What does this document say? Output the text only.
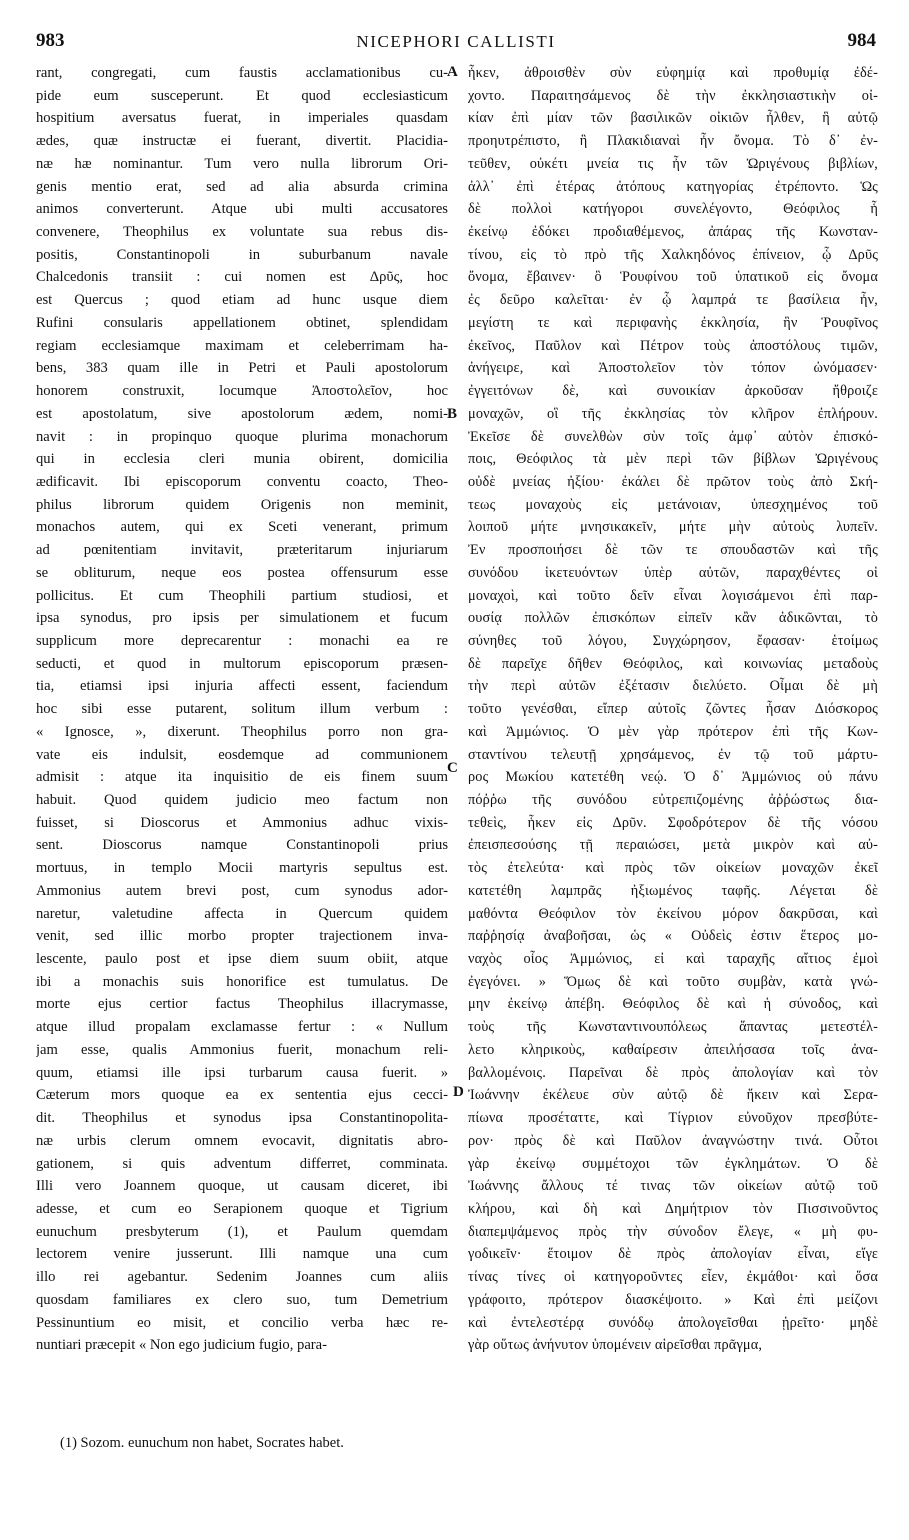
983	NICEPHORI CALLISTI	984
rant, congregati, cum faustis acclamationibus cu-
pide eum susceperunt. Et quod ecclesiasticum
hospitium aversatus fuerat, in imperiales quasdam
ædes, quæ instructæ ei fuerant, divertit. Placidia-
næ hæ nominantur. Tum vero nulla librorum Ori-
genis mentio erat, sed ad alia absurda crimina
animos converterunt. Atque ubi multi accusatores
convenere, Theophilus ex voluntate sua rebus dis-
positis, Constantinopoli in suburbanum navale
Chalcedonis transiit : cui nomen est Δρῦς, hoc
est Quercus ; quod etiam ad hunc usque diem
Rufini consularis appellationem obtinet, splendidam
regiam ecclesiamque maximam et celeberrimam ha-
bens, 383 quam ille in Petri et Pauli apostolorum
honorem construxit, locumque Ἀποστολεῖον, hoc
est apostolatum, sive apostolorum ædem, nomi-
navit : in propinquo quoque plurima monachorum
qui in ecclesia cleri munia obirent, domicilia
ædificavit. Ibi episcoporum conventu coacto, Theo-
philus librorum quidem Origenis non meminit,
monachos autem, qui ex Sceti venerant, primum
ad pœnitentiam invitavit, præteritarum injuriarum
se obliturum, neque eos postea offensurum esse
pollicitus. Et cum Theophili partium studiosi, et
ipsa synodus, pro ipsis per simulationem et fucum
supplicum more deprecarentur : monachi ea re
seducti, et quod in multorum episcoporum præsen-
tia, etiamsi ipsi injuria affecti essent, faciendum
hoc sibi esse putarent, solitum illum verbum :
« Ignosce, », dixerunt. Theophilus porro non gra-
vate eis indulsit, eosdemque ad communionem
admisit : atque ita inquisitio de eis finem suum
habuit. Quod quidem judicio meo factum non
fuisset, si Dioscorus et Ammonius adhuc vixis-
sent. Dioscorus namque Constantinopoli prius
mortuus, in templo Mocii martyris sepultus est.
Ammonius autem brevi post, cum synodus ador-
naretur, valetudine affecta in Quercum quidem
venit, sed illic morbo propter trajectionem inva-
lescente, paulo post et ipse diem suum obiit, atque
ibi a monachis suis honorifice est tumulatus. De
morte ejus certior factus Theophilus illacrymasse,
atque illud propalam exclamasse fertur : « Nullum
jam esse, qualis Ammonius fuerit, monachum reli-
quum, etiamsi ille ipsi turbarum causa fuerit. »
Cæterum mors quoque ea ex sententia ejus cecci-
dit. Theophilus et synodus ipsa Constantinopolita-
næ urbis clerum omnem evocavit, dignitatis abro-
gationem, si quis adventum differret, comminata.
Illi vero Joannem quoque, ut causam diceret, ibi
adesse, et cum eo Serapionem quoque et Tigrium
eunuchum presbyterum (1), et Paulum quemdam
lectorem venire jusserunt. Illi namque una cum
illo rei agebantur. Sedenim Joannes cum aliis
quosdam familiares ex clero suo, tum Demetrium
Pessinuntium eo misit, et concilio verba hæc re-
nuntiari præcepit « Non ego judicium fugio, para-
ἧκεν, ἀθροισθὲν σὺν εὐφημίᾳ καὶ προθυμίᾳ ἐδέ-
χοντο. Παραιτησάμενος δὲ τὴν ἐκκλησιαστικὴν οἰ-
κίαν ἐπὶ μίαν τῶν βασιλικῶν οἰκιῶν ἦλθεν, ἣ αὐτῷ
προηυτρέπιστο, ἣ Πλακιδιαναὶ ἦν ὄνομα. Τὸ δ᾽ ἐν-
τεῦθεν, οὐκέτι μνεία τις ἦν τῶν Ὠριγένους βιβλίων,
ἀλλ᾽ ἐπὶ ἑτέρας ἀτόπους κατηγορίας ἐτρέποντο. Ὡς
δὲ πολλοὶ κατήγοροι συνελέγοντο, Θεόφιλος ἧ
ἐκείνῳ ἐδόκει προδιαθέμενος, ἀπάρας τῆς Κωνσταν-
τίνου, εἰς τὸ πρὸ τῆς Χαλκηδόνος ἐπίνειον, ᾧ Δρῦς
ὄνομα, ἔβαινεν· ὃ Ῥουφίνου τοῦ ὑπατικοῦ εἰς ὄνομα
ἐς δεῦρο καλεῖται· ἐν ᾧ λαμπρά τε βασίλεια ἦν,
μεγίστη τε καὶ περιφανὴς ἐκκλησία, ἣν Ῥουφῖνος
ἐκεῖνος, Παῦλον καὶ Πέτρον τοὺς ἀποστόλους τιμῶν,
ἀνήγειρε, καὶ Ἀποστολεῖον τὸν τόπον ὠνόμασεν·
ἐγγειτόνων δὲ, καὶ συνοικίαν ἀρκοῦσαν ἤθροιζε
μοναχῶν, οἳ τῆς ἐκκλησίας τὸν κλῆρον ἐπλήρουν.
Ἐκεῖσε δὲ συνελθὼν σὺν τοῖς ἀμφ᾽ αὐτὸν ἐπισκό-
ποις, Θεόφιλος τὰ μὲν περὶ τῶν βίβλων Ὠριγένους
οὐδὲ μνείας ἠξίου· ἐκάλει δὲ πρῶτον τοὺς ἀπὸ Σκή-
τεως μοναχοὺς εἰς μετάνοιαν, ὑπεσχημένος τοῦ
λοιποῦ μήτε μνησικακεῖν, μήτε μὴν αὐτοὺς λυπεῖν.
Ἐν προσποιήσει δὲ τῶν τε σπουδαστῶν καὶ τῆς
συνόδου ἱκετευόντων ὑπὲρ αὐτῶν, παραχθέντες οἱ
μοναχοὶ, καὶ τοῦτο δεῖν εἶναι λογισάμενοι ἐπὶ παρ-
ουσίᾳ πολλῶν ἐπισκόπων εἰπεῖν κἂν ἀδικῶνται, τὸ
σύνηθες τοῦ λόγου, Συγχώρησον, ἔφασαν· ἑτοίμως
δὲ παρεῖχε δῆθεν Θεόφιλος, καὶ κοινωνίας μεταδοὺς
τὴν περὶ αὐτῶν ἐξέτασιν διελύετο. Οἶμαι δὲ μὴ
τοῦτο γενέσθαι, εἴπερ αὐτοῖς ζῶντες ἦσαν Διόσκορος
καὶ Ἀμμώνιος. Ὁ μὲν γὰρ πρότερον ἐπὶ τῆς Κων-
σταντίνου τελευτῇ χρησάμενος, ἐν τῷ τοῦ μάρτυ-
ρος Μωκίου κατετέθη νεῴ. Ὁ δ᾽ Ἀμμώνιος οὐ πάνυ
πόῤῥω τῆς συνόδου εὐτρεπιζομένης ἀῤῥώστως δια-
τεθεὶς, ἧκεν εἰς Δρῦν. Σφοδρότερον δὲ τῆς νόσου
ἐπεισπεσούσης τῇ περαιώσει, μετὰ μικρὸν καὶ αὐ-
τὸς ἐτελεύτα· καὶ πρὸς τῶν οἰκείων μοναχῶν ἐκεῖ
κατετέθη λαμπρᾶς ἠξιωμένος ταφῆς. Λέγεται δὲ
μαθόντα Θεόφιλον τὸν ἐκείνου μόρον δακρῦσαι, καὶ
παῤῥησίᾳ ἀναβοῆσαι, ὡς « Οὐδεὶς ἐστιν ἕτερος μο-
ναχὸς οἷος Ἀμμώνιος, εἰ καὶ ταραχῆς αἴτιος ἐμοὶ
ἐγεγόνει. » Ὅμως δὲ καὶ τοῦτο συμβὰν, κατὰ γνώ-
μην ἐκείνῳ ἀπέβη. Θεόφιλος δὲ καὶ ἡ σύνοδος, καὶ
τοὺς τῆς Κωνσταντινουπόλεως ἅπαντας μετεστέλ-
λετο κληρικοὺς, καθαίρεσιν ἀπειλήσασα τοῖς ἀνα-
βαλλομένοις. Παρεῖναι δὲ πρὸς ἀπολογίαν καὶ τὸν
Ἰωάννην ἐκέλευε σὺν αὐτῷ δὲ ἥκειν καὶ Σερα-
πίωνα προσέταττε, καὶ Τίγριον εὐνοῦχον πρεσβύτε-
ρον· πρὸς δὲ καὶ Παῦλον ἀναγνώστην τινά. Οὗτοι
γὰρ ἐκείνῳ συμμέτοχοι τῶν ἐγκλημάτων. Ὁ δὲ
Ἰωάννης ἄλλους τέ τινας τῶν οἰκείων αὐτῷ τοῦ
κλήρου, καὶ δὴ καὶ Δημήτριον τὸν Πισσινοῦντος
διαπεμψάμενος πρὸς τὴν σύνοδον ἔλεγε, « μὴ φυ-
γοδικεῖν· ἕτοιμον δὲ πρὸς ἀπολογίαν εἶναι, εἴγε
τίνας τίνες οἱ κατηγοροῦντες εἶεν, ἐκμάθοι· καὶ ὅσα
γράφοιτο, πρότερον διασκέψοιτο. » Καὶ ἐπὶ μείζονι
καὶ ἐντελεστέρᾳ συνόδῳ ἀπολογεῖσθαι ᾑρεῖτο· μηδὲ
γὰρ οὕτως ἀνήνυτον ὑπομένειν αἱρεῖσθαι πρᾶγμα,
A
B
C
D
(1) Sozom. eunuchum non habet, Socrates habet.
